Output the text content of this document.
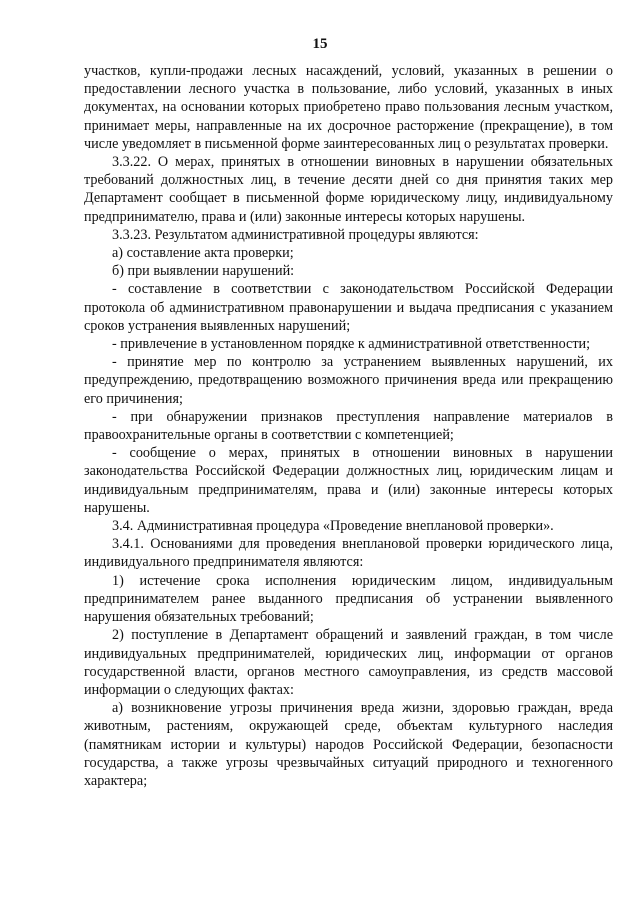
15

участков, купли-продажи лесных насаждений, условий, указанных в решении о предоставлении лесного участка в пользование, либо условий, указанных в иных документах, на основании которых приобретено право пользования лесным участком, принимает меры, направленные на их досрочное расторжение (прекращение), в том числе уведомляет в письменной форме заинтересованных лиц о результатах проверки.

3.3.22. О мерах, принятых в отношении виновных в нарушении обязательных требований должностных лиц, в течение десяти дней со дня принятия таких мер Департамент сообщает в письменной форме юридическому лицу, индивидуальному предпринимателю, права и (или) законные интересы которых нарушены.

3.3.23. Результатом административной процедуры являются:

а) составление акта проверки;

б) при выявлении нарушений:

- составление в соответствии с законодательством Российской Федерации протокола об административном правонарушении и выдача предписания с указанием сроков устранения выявленных нарушений;

- привлечение в установленном порядке к административной ответственности;

- принятие мер по контролю за устранением выявленных нарушений, их предупреждению, предотвращению возможного причинения вреда или прекращению его причинения;

- при обнаружении признаков преступления направление материалов в правоохранительные органы в соответствии с компетенцией;

- сообщение о мерах, принятых в отношении виновных в нарушении законодательства Российской Федерации должностных лиц, юридическим лицам и индивидуальным предпринимателям, права и (или) законные интересы которых нарушены.

3.4. Административная процедура «Проведение внеплановой проверки».

3.4.1. Основаниями для проведения внеплановой проверки юридического лица, индивидуального предпринимателя являются:

1) истечение срока исполнения юридическим лицом, индивидуальным предпринимателем ранее выданного предписания об устранении выявленного нарушения обязательных требований;

2) поступление в Департамент обращений и заявлений граждан, в том числе индивидуальных предпринимателей, юридических лиц, информации от органов государственной власти, органов местного самоуправления, из средств массовой информации о следующих фактах:

а) возникновение угрозы причинения вреда жизни, здоровью граждан, вреда животным, растениям, окружающей среде, объектам культурного наследия (памятникам истории и культуры) народов Российской Федерации, безопасности государства, а также угрозы чрезвычайных ситуаций природного и техногенного характера;
